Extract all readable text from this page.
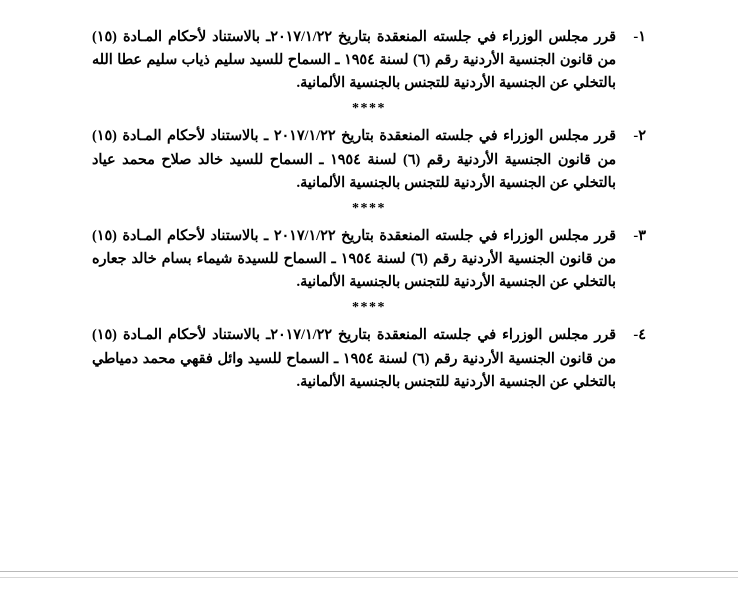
١-
قرر مجلس الوزراء في جلسته المنعقدة بتاريخ ٢٠١٧/١/٢٢ـ بالاستناد لأحكام المـادة (١٥) من قانون الجنسية الأردنية رقم (٦) لسنة ١٩٥٤ ـ السماح للسيد سليم ذياب سليم عطا الله بالتخلي عن الجنسية الأردنية للتجنس بالجنسية الألمانية.
****
٢-
قرر مجلس الوزراء في جلسته المنعقدة بتاريخ ٢٠١٧/١/٢٢ ـ بالاستناد لأحكام المـادة (١٥) من قانون الجنسية الأردنية رقم (٦) لسنة ١٩٥٤ ـ السماح للسيد خالد صلاح محمد عياد بالتخلي عن الجنسية الأردنية للتجنس بالجنسية الألمانية.
****
٣-
قرر مجلس الوزراء في جلسته المنعقدة بتاريخ ٢٠١٧/١/٢٢ ـ بالاستناد لأحكام المـادة (١٥) من قانون الجنسية الأردنية رقم (٦) لسنة ١٩٥٤ ـ السماح للسيدة شيماء بسام خالد جعاره بالتخلي عن الجنسية الأردنية للتجنس بالجنسية الألمانية.
****
٤-
قرر مجلس الوزراء في جلسته المنعقدة بتاريخ ٢٠١٧/١/٢٢ـ بالاستناد لأحكام المـادة (١٥) من قانون الجنسية الأردنية رقم (٦) لسنة ١٩٥٤ ـ السماح للسيد وائل فقهي محمد دمياطي بالتخلي عن الجنسية الأردنية للتجنس بالجنسية الألمانية.
